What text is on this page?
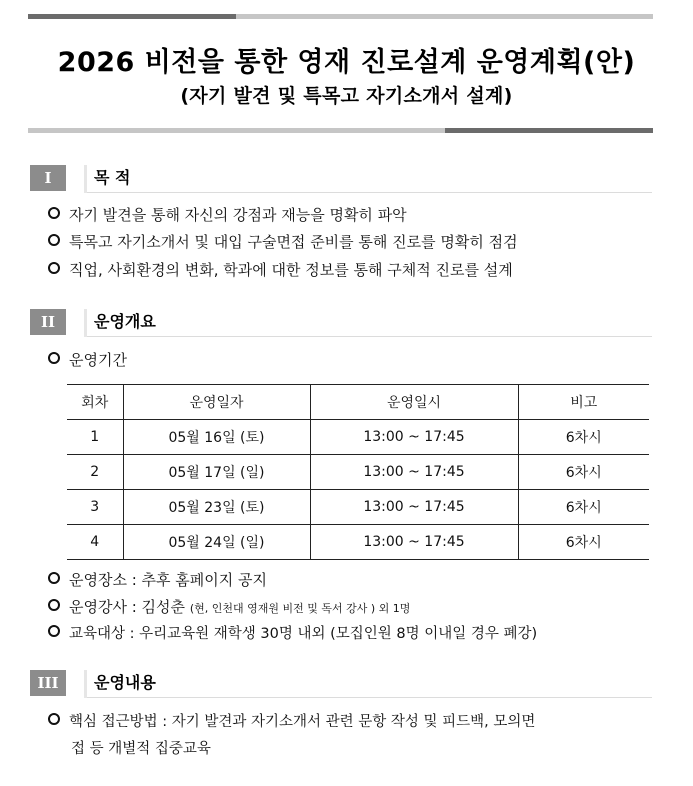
2026 비전을 통한 영재 진로설계 운영계획(안)
(자기 발견 및 특목고 자기소개서 설계)
I	목 적
자기 발견을 통해 자신의 강점과 재능을 명확히 파악
특목고 자기소개서 및 대입 구술면접 준비를 통해 진로를 명확히 점검
직업, 사회환경의 변화, 학과에 대한 정보를 통해 구체적 진로를 설계
II	운영개요
운영기간
회차	운영일자	운영일시	비고
1	05월 16일 (토)	13:00 ~ 17:45	6차시
2	05월 17일 (일)	13:00 ~ 17:45	6차시
3	05월 23일 (토)	13:00 ~ 17:45	6차시
4	05월 24일 (일)	13:00 ~ 17:45	6차시
운영장소 : 추후 홈페이지 공지
운영강사 : 김성춘 (현, 인천대 영재원 비전 및 독서 강사 ) 외 1명
교육대상 : 우리교육원 재학생 30명 내외 (모집인원 8명 이내일 경우 폐강)
III	운영내용
핵심 접근방법 : 자기 발견과 자기소개서 관련 문항 작성 및 피드백, 모의면
접 등 개별적 집중교육
